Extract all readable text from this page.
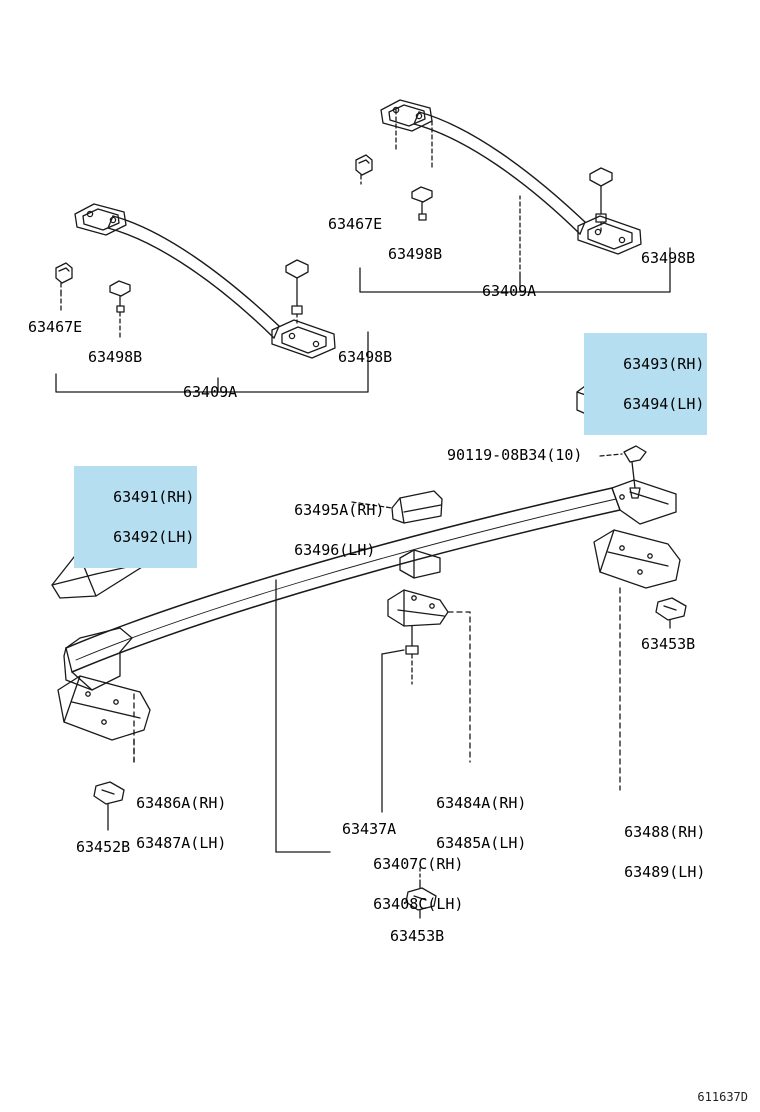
63467E
63498B	63498B
63409A
63467E
63498B	63498B
63409A

63493(RH)

63494(LH)

63491(RH)

63492(LH)

63495A(RH)

63496(LH)

90119-08B34(10)
63453B

63486A(RH)

63487A(LH)

63484A(RH)

63485A(LH)

63488(RH)

63489(LH)

63437A
63452B

63407C(RH)

63408C(LH)

63453B
611637D
